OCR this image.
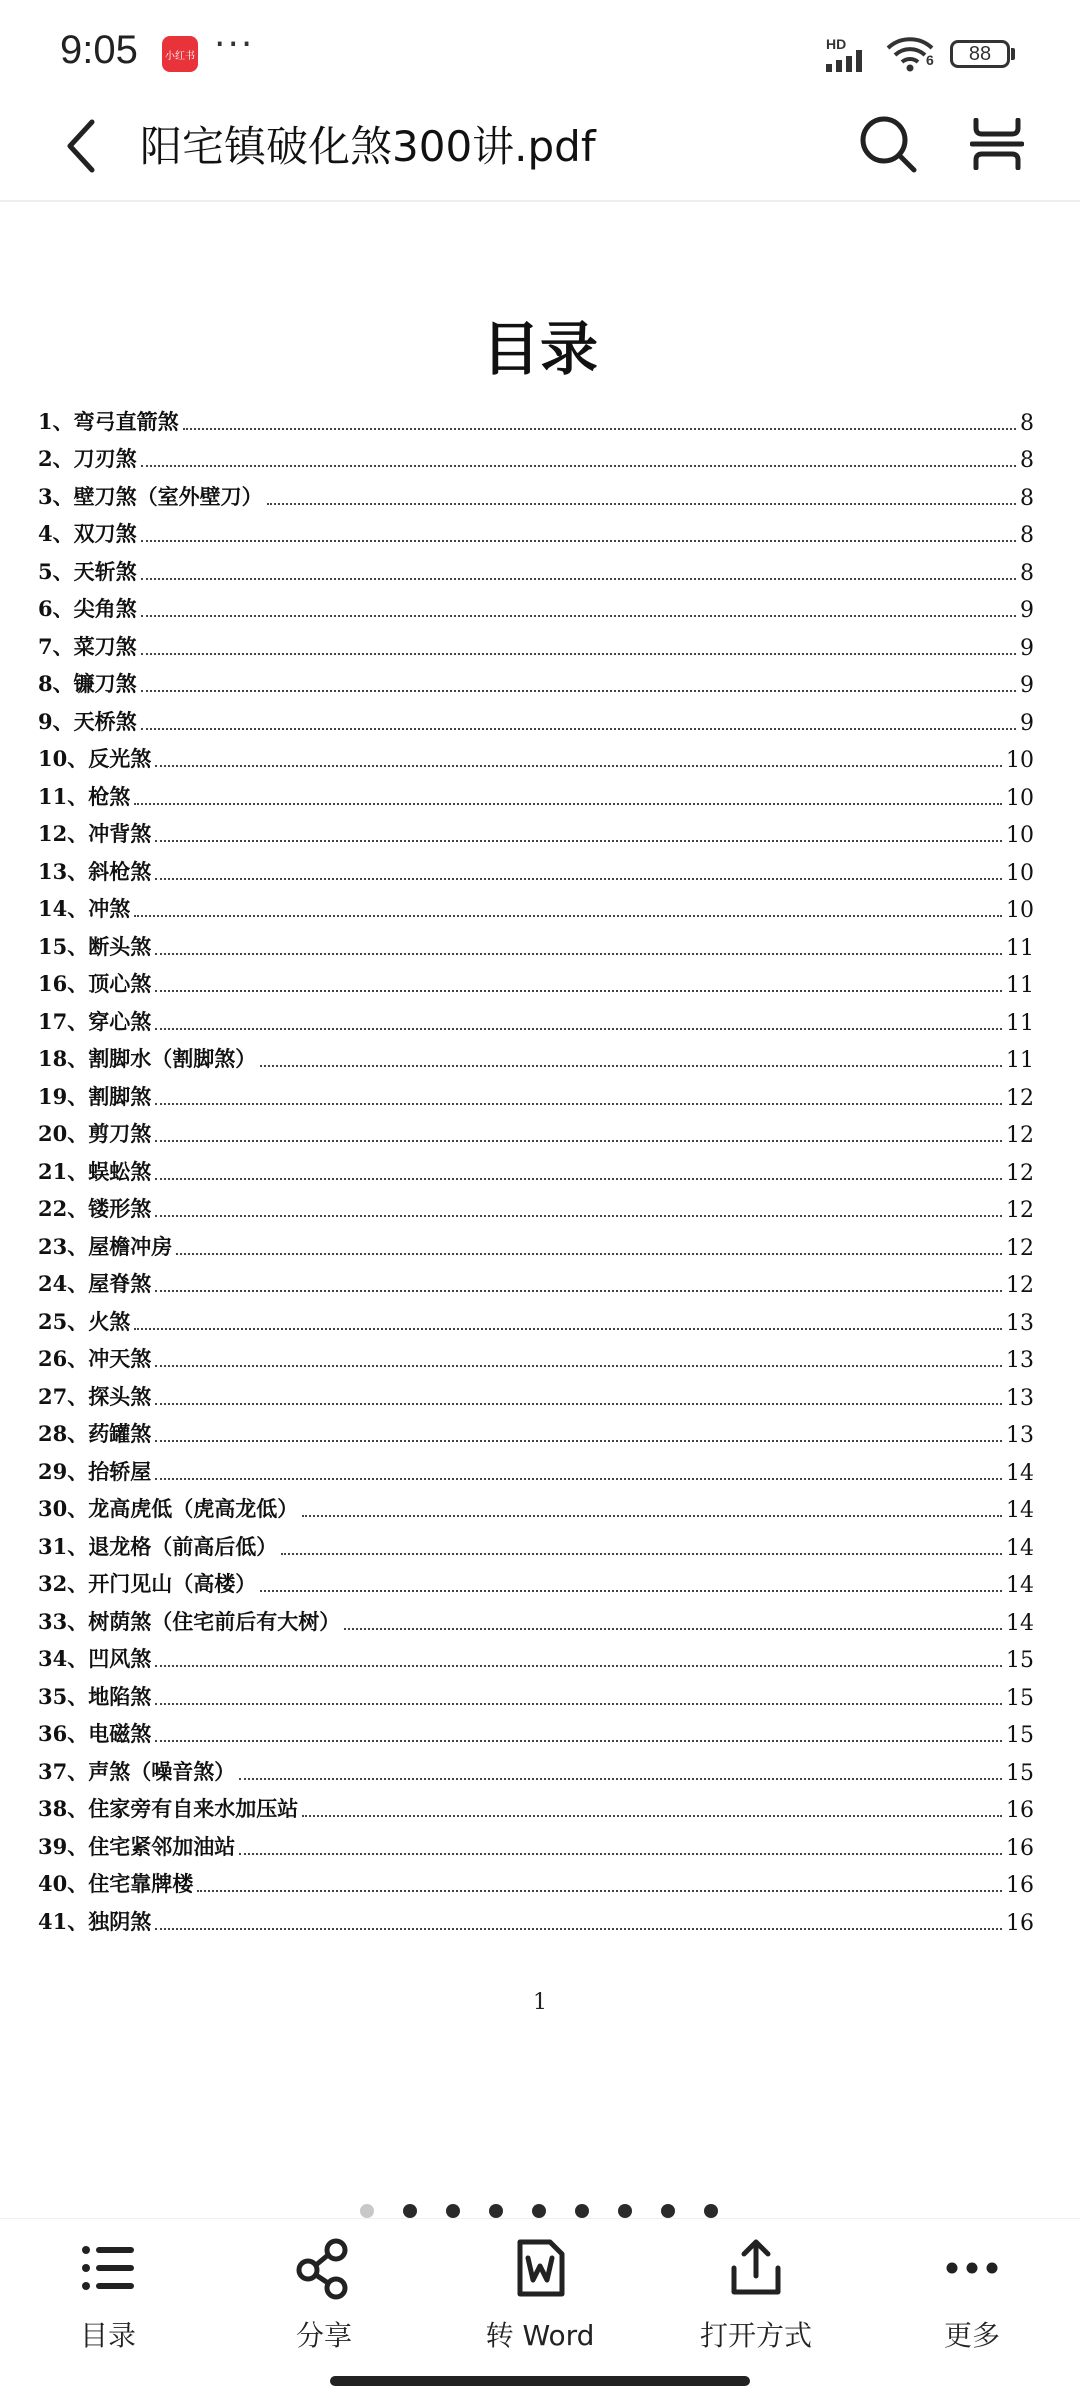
9:05	小红书 ···	HD
6	88
阳宅镇破化煞300讲.pdf
目录
1、弯弓直箭煞	8
2、刀刃煞	8
3、壁刀煞（室外壁刀）	8
4、双刀煞	8
5、天斩煞	8
6、尖角煞	9
7、菜刀煞	9
8、镰刀煞	9
9、天桥煞	9
10、反光煞	10
11、枪煞	10
12、冲背煞	10
13、斜枪煞	10
14、冲煞	10
15、断头煞	11
16、顶心煞	11
17、穿心煞	11
18、割脚水（割脚煞）	11
19、割脚煞	12
20、剪刀煞	12
21、蜈蚣煞	12
22、镂形煞	12
23、屋檐冲房	12
24、屋脊煞	12
25、火煞	13
26、冲天煞	13
27、探头煞	13
28、药罐煞	13
29、抬轿屋	14
30、龙高虎低（虎高龙低）	14
31、退龙格（前高后低）	14
32、开门见山（高楼）	14
33、树荫煞（住宅前后有大树）	14
34、凹风煞	15
35、地陷煞	15
36、电磁煞	15
37、声煞（噪音煞）	15
38、住家旁有自来水加压站	16
39、住宅紧邻加油站	16
40、住宅靠牌楼	16
41、独阴煞	16
1
目录	分享	转 Word	打开方式	更多
